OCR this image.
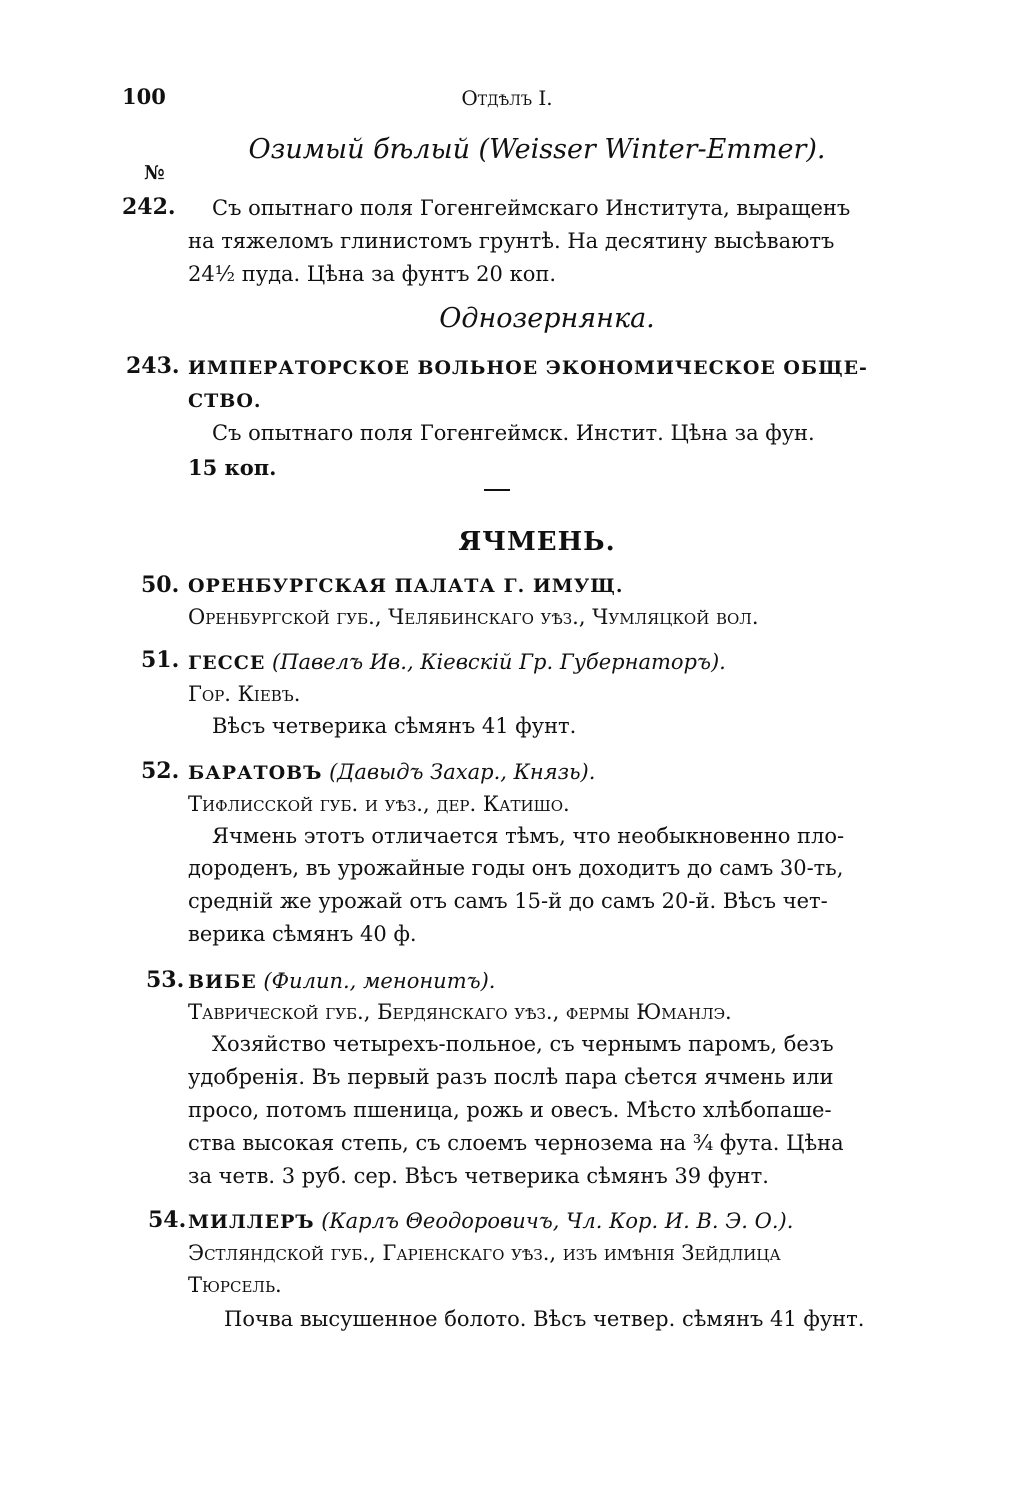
100	Отдѣлъ I.
Озимый бѣлый (Weisser Winter-Emmer).
№
242. Съ опытнаго поля Гогенгеймскаго Института, выращенъ
на тяжеломъ глинистомъ грунтѣ. На десятину высѣваютъ
24½ пуда. Цѣна за фунтъ 20 коп.
Однозернянка.
243. ИМПЕРАТОРСКОЕ ВОЛЬНОЕ ЭКОНОМИЧЕСКОЕ ОБЩЕ-
СТВО.
Съ опытнаго поля Гогенгеймск. Инстит. Цѣна за фун.
15 коп.
ЯЧМЕНЬ.
50. ОРЕНБУРГСКАЯ ПАЛАТА Г. ИМУЩ.
Оренбургской губ., Челябинскаго уѣз., Чумляцкой вол.
51. ГЕССЕ (Павелъ Ив., Кіевскій Гр. Губернаторъ).
Гор. Кіевъ.
Вѣсъ четверика сѣмянъ 41 фунт.
52. БАРАТОВЪ (Давыдъ Захар., Князь).
Тифлисской губ. и уѣз., дер. Катишо.
Ячмень этотъ отличается тѣмъ, что необыкновенно пло-
дороденъ, въ урожайные годы онъ доходитъ до самъ 30-ть,
средній же урожай отъ самъ 15-й до самъ 20-й. Вѣсъ чет-
верика сѣмянъ 40 ф.
53. ВИБЕ (Филип., менонитъ).
Таврической губ., Бердянскаго уѣз., фермы Юманлэ.
Хозяйство четырехъ-польное, съ чернымъ паромъ, безъ
удобренія. Въ первый разъ послѣ пара сѣется ячмень или
просо, потомъ пшеница, рожь и овесъ. Мѣсто хлѣбопаше-
ства высокая степь, съ слоемъ чернозема на ¾ фута. Цѣна
за четв. 3 руб. сер. Вѣсъ четверика сѣмянъ 39 фунт.
54. МИЛЛЕРЪ (Карлъ Θеодоровичъ, Чл. Кор. И. В. Э. О.).
Эстляндской губ., Гаріенскаго уѣз., изъ имѣнія Зейдлица
Тюрсель.
Почва высушенное болото. Вѣсъ четвер. сѣмянъ 41 фунт.
